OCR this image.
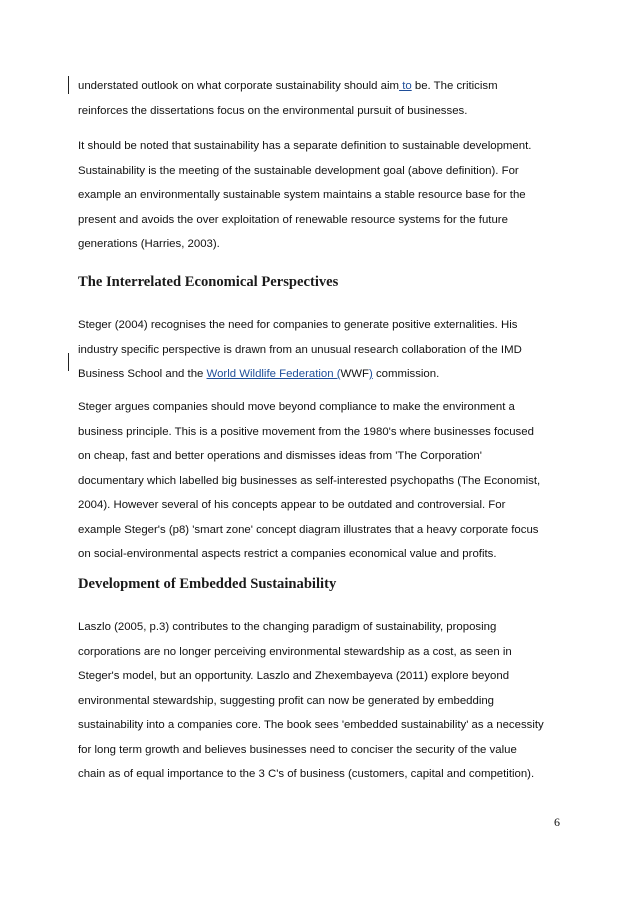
understated outlook on what corporate sustainability should aim to be. The criticism
reinforces the dissertations focus on the environmental pursuit of businesses.
It should be noted that sustainability has a separate definition to sustainable development.
Sustainability is the meeting of the sustainable development goal (above definition). For
example an environmentally sustainable system maintains a stable resource base for the
present and avoids the over exploitation of renewable resource systems for the future
generations (Harries, 2003).
The Interrelated Economical Perspectives
Steger (2004) recognises the need for companies to generate positive externalities. His
industry specific perspective is drawn from an unusual research collaboration of the IMD
Business School and the World Wildlife Federation (WWF) commission.
Steger argues companies should move beyond compliance to make the environment a
business principle. This is a positive movement from the 1980's where businesses focused
on cheap, fast and better operations and dismisses ideas from 'The Corporation'
documentary which labelled big businesses as self-interested psychopaths (The Economist,
2004). However several of his concepts appear to be outdated and controversial. For
example Steger's (p8) 'smart zone' concept diagram illustrates that a heavy corporate focus
on social-environmental aspects restrict a companies economical value and profits.
Development of Embedded Sustainability
Laszlo (2005, p.3) contributes to the changing paradigm of sustainability, proposing
corporations are no longer perceiving environmental stewardship as a cost, as seen in
Steger's model, but an opportunity. Laszlo and Zhexembayeva (2011) explore beyond
environmental stewardship, suggesting profit can now be generated by embedding
sustainability into a companies core. The book sees 'embedded sustainability' as a necessity
for long term growth and believes businesses need to conciser the security of the value
chain as of equal importance to the 3 C's of business (customers, capital and competition).
6
